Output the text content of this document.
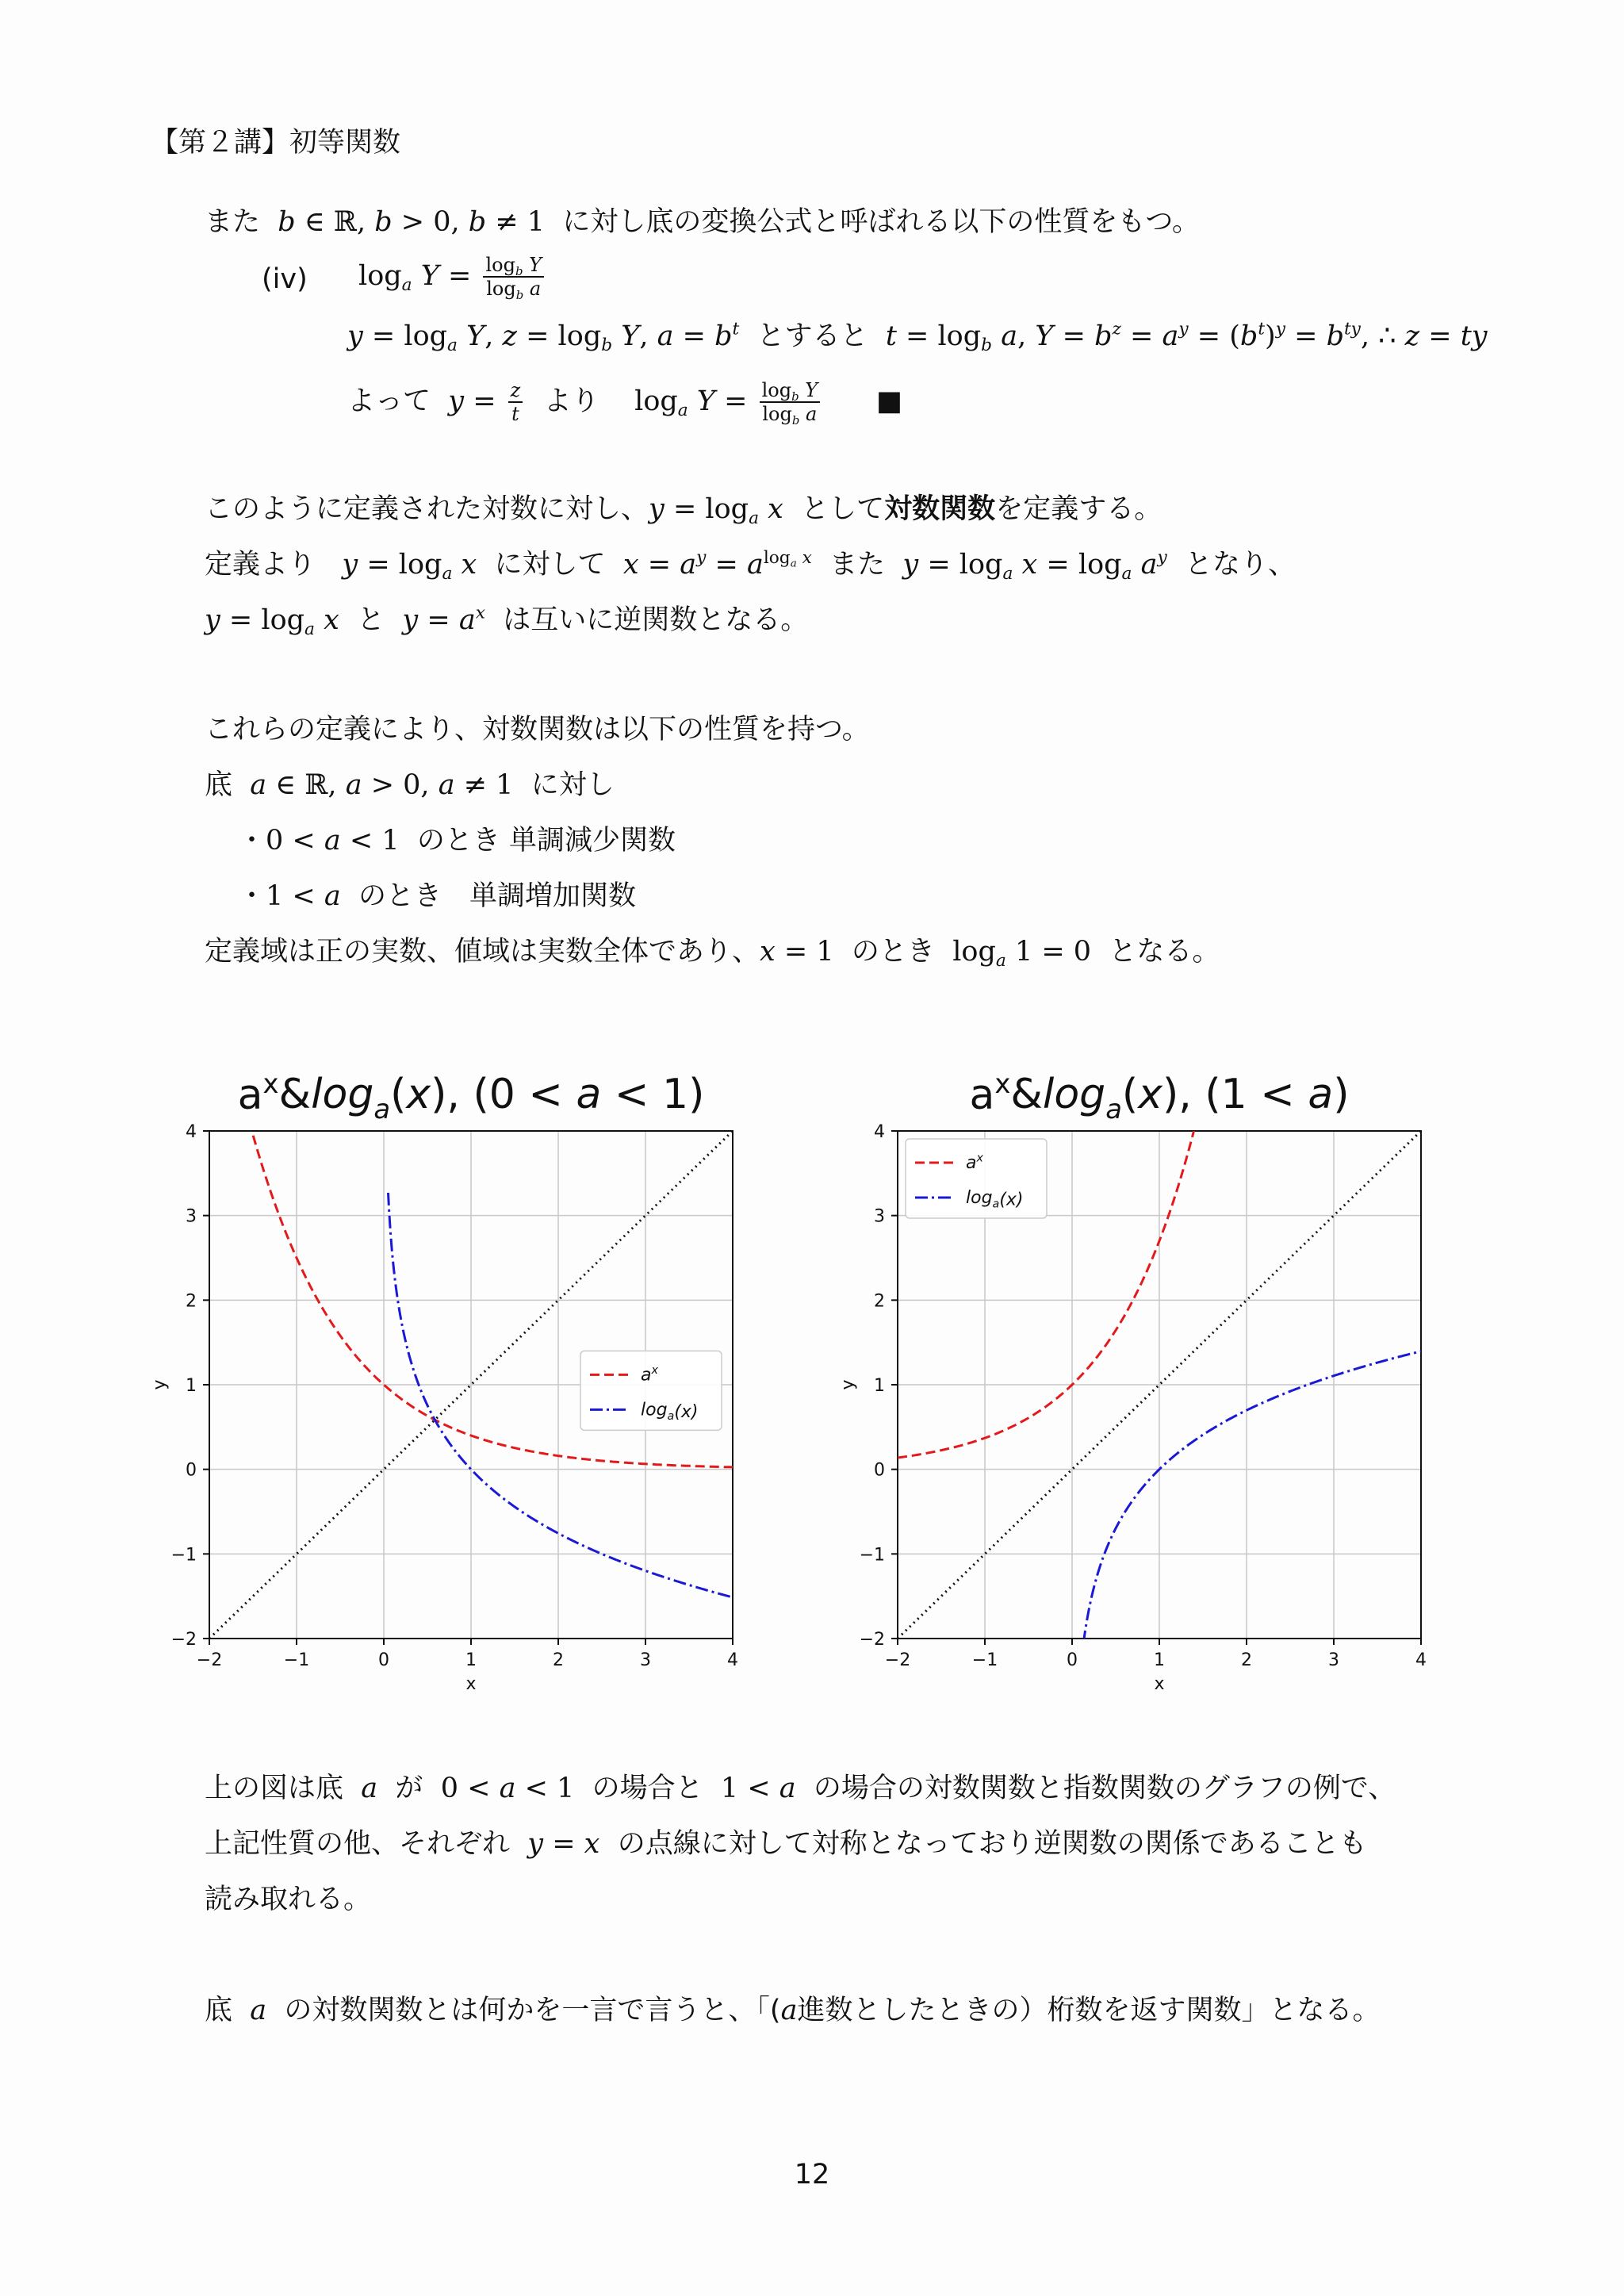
【第２講】初等関数
また b ∈ ℝ, b > 0, b ≠ 1 に対し底の変換公式と呼ばれる以下の性質をもつ。
(iv) $\log_a Y = \frac{\log_b Y}{\log_b a}$
$y = \log_a Y$, $z = \log_b Y$, $a = b^t$ とすると $t = \log_b a$, $Y = b^z = a^y = (b^t)^y = b^{ty}$, ∴ z = ty
よって $y = \frac{z}{t}$ より $\log_a Y = \frac{\log_b Y}{\log_b a}$ ■
このように定義された対数に対し、$y = \log_a x$ として対数関数を定義する。
定義より $y = \log_a x$ に対して $x = a^y = a^{log_a x}$ また $y = \log_a x = \log_a a^y$ となり、
$y = \log_a x$ と $y = a^x$ は互いに逆関数となる。
これらの定義により、対数関数は以下の性質を持つ。
底 a ∈ ℝ, a > 0, a ≠ 1 に対し
・0 < a < 1 のとき 単調減少関数
・1 < a のとき　単調増加関数
定義域は正の実数、値域は実数全体であり、x = 1 のとき $\log_a 1 = 0$ となる。
$a^x\&\log_a(x)$, (0 < a < 1)
−2	−1	0	1	2	3	4
−2
−1
0
1
2
3
4
x
y	$a^x$
$\log_a(x)$
$a^x\&\log_a(x)$, (1 < a)
−2	−1	0	1	2	3	4
−2
−1
0
1
2
3
4
x
y
$a^x$
$\log_a(x)$
上の図は底 a が 0 < a < 1 の場合と 1 < a の場合の対数関数と指数関数のグラフの例で、
上記性質の他、それぞれ y = x の点線に対して対称となっており逆関数の関係であることも
読み取れる。
底 a の対数関数とは何かを一言で言うと、「(a進数としたときの）桁数を返す関数」となる。
12
